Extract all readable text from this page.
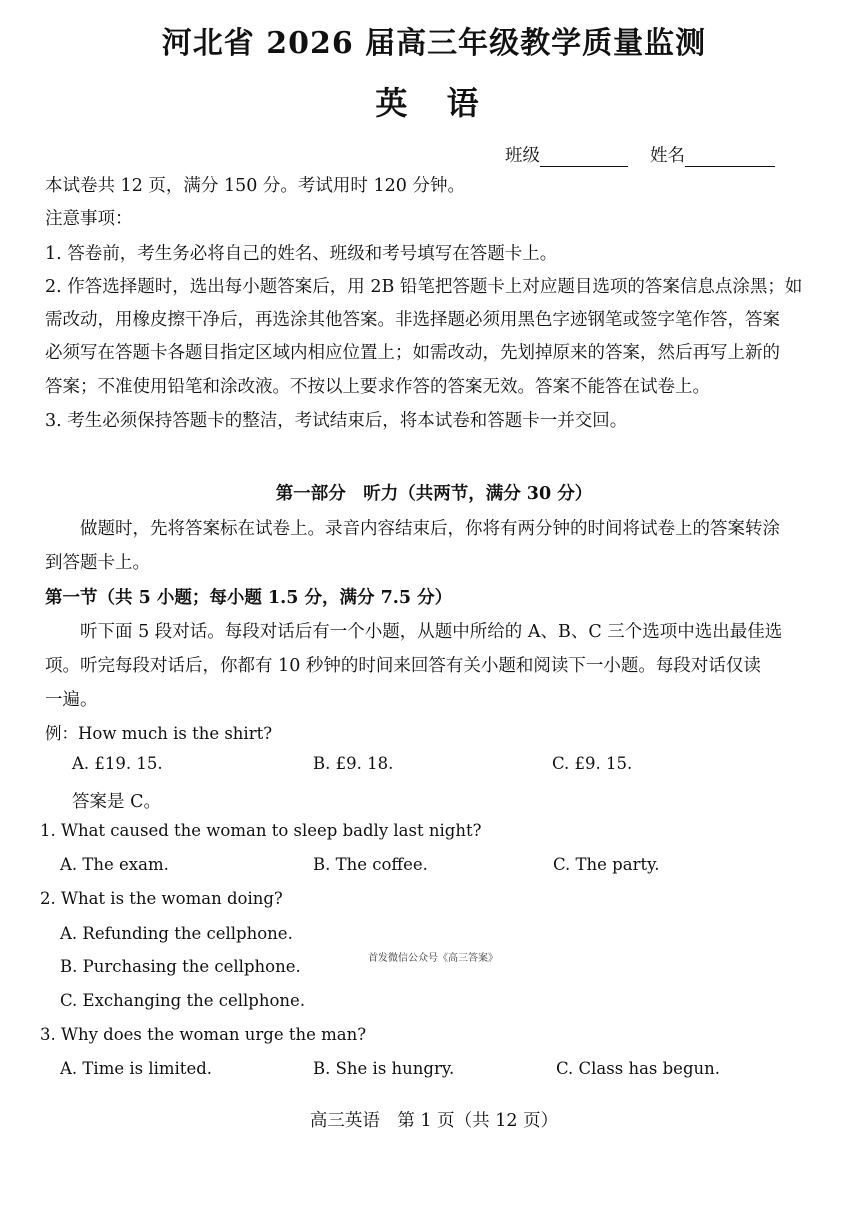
河北省 2026 届高三年级教学质量监测
英 语
班级	姓名
本试卷共 12 页，满分 150 分。考试用时 120 分钟。
注意事项：
1. 答卷前，考生务必将自己的姓名、班级和考号填写在答题卡上。
2. 作答选择题时，选出每小题答案后，用 2B 铅笔把答题卡上对应题目选项的答案信息点涂黑；如
需改动，用橡皮擦干净后，再选涂其他答案。非选择题必须用黑色字迹钢笔或签字笔作答，答案
必须写在答题卡各题目指定区域内相应位置上；如需改动，先划掉原来的答案，然后再写上新的
答案；不准使用铅笔和涂改液。不按以上要求作答的答案无效。答案不能答在试卷上。
3. 考生必须保持答题卡的整洁，考试结束后，将本试卷和答题卡一并交回。
第一部分　听力（共两节，满分 30 分）
做题时，先将答案标在试卷上。录音内容结束后，你将有两分钟的时间将试卷上的答案转涂
到答题卡上。
第一节（共 5 小题；每小题 1.5 分，满分 7.5 分）
听下面 5 段对话。每段对话后有一个小题，从题中所给的 A、B、C 三个选项中选出最佳选
项。听完每段对话后，你都有 10 秒钟的时间来回答有关小题和阅读下一小题。每段对话仅读
一遍。
例：How much is the shirt?
A. £19. 15.	B. £9. 18.	C. £9. 15.
答案是 C。
1. What caused the woman to sleep badly last night?
A. The exam.	B. The coffee.	C. The party.
2. What is the woman doing?
A. Refunding the cellphone.
B. Purchasing the cellphone.
C. Exchanging the cellphone.
首发微信公众号《高三答案》
3. Why does the woman urge the man?
A. Time is limited.	B. She is hungry.	C. Class has begun.
高三英语　第 1 页（共 12 页）
